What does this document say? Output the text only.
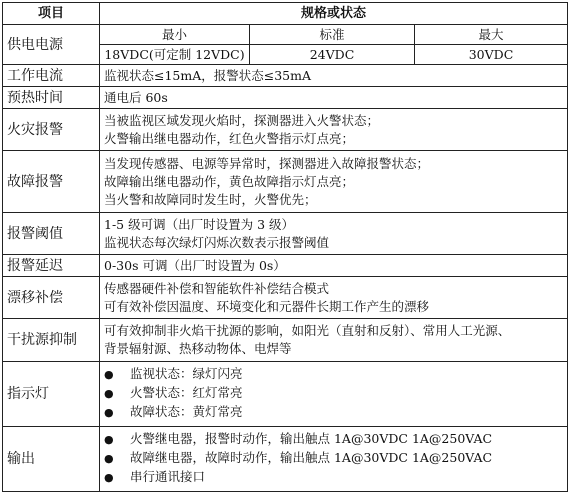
项目	规格或状态		
供电电源	最小	标准	最大
	18VDC(可定制 12VDC)	24VDC	30VDC
工作电流	监视状态≤15mA，报警状态≤35mA		

预热时间	通电后 60s		

火灾报警	当被监视区域发现火焰时，探测器进入火警状态；
火警输出继电器动作，红色火警指示灯点亮；		

故障报警	当发现传感器、电源等异常时，探测器进入故障报警状态；
故障输出继电器动作，黄色故障指示灯点亮；
当火警和故障同时发生时，火警优先；		

报警阈值	1-5 级可调（出厂时设置为 3 级）
监视状态每次绿灯闪烁次数表示报警阈值		

报警延迟	0-30s 可调（出厂时设置为 0s）		

漂移补偿	传感器硬件补偿和智能软件补偿结合模式
可有效补偿因温度、环境变化和元器件长期工作产生的漂移		

干扰源抑制	可有效抑制非火焰干扰源的影响，如阳光（直射和反射）、常用人工光源、
背景辐射源、热移动物体、电焊等		

指示灯	● 监视状态：绿灯闪亮
● 火警状态：红灯常亮
● 故障状态：黄灯常亮		

输出	● 火警继电器，报警时动作，输出触点 1A@30VDC 1A@250VAC
● 故障继电器，故障时动作，输出触点 1A@30VDC 1A@250VAC
● 串行通讯接口		
